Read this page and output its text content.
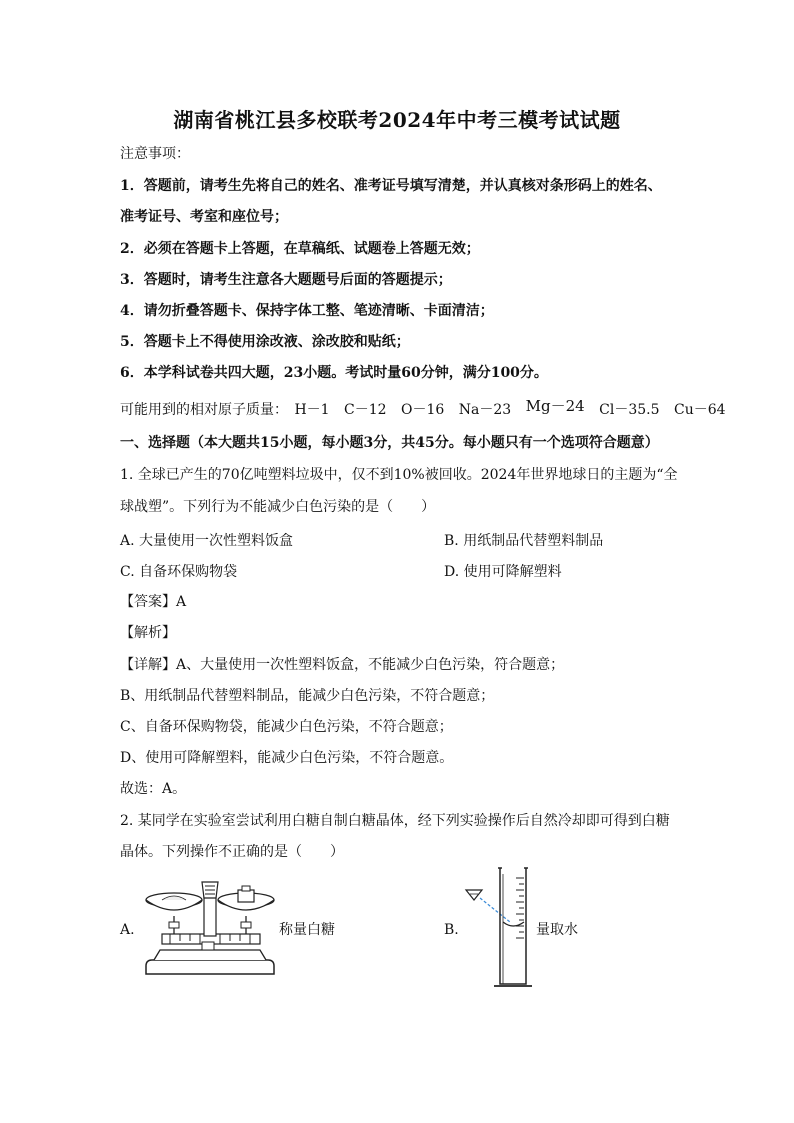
湖南省桃江县多校联考2024年中考三模考试试题
注意事项：
1．答题前，请考生先将自己的姓名、准考证号填写清楚，并认真核对条形码上的姓名、
准考证号、考室和座位号；
2．必须在答题卡上答题，在草稿纸、试题卷上答题无效；
3．答题时，请考生注意各大题题号后面的答题提示；
4．请勿折叠答题卡、保持字体工整、笔迹清晰、卡面清洁；
5．答题卡上不得使用涂改液、涂改胶和贴纸；
6．本学科试卷共四大题，23小题。考试时量60分钟，满分100分。
可能用到的相对原子质量： H－1 C－12 O－16 Na－23 Mg－24 Cl－35.5 Cu－64
一、选择题（本大题共15小题，每小题3分，共45分。每小题只有一个选项符合题意）
1. 全球已产生的70亿吨塑料垃圾中，仅不到10%被回收。2024年世界地球日的主题为“全
球战塑”。下列行为不能减少白色污染的是（　　）
A. 大量使用一次性塑料饭盒	B. 用纸制品代替塑料制品
C. 自备环保购物袋	D. 使用可降解塑料
【答案】A
【解析】
【详解】A、大量使用一次性塑料饭盒，不能减少白色污染，符合题意；
B、用纸制品代替塑料制品，能减少白色污染，不符合题意；
C、自备环保购物袋，能减少白色污染，不符合题意；
D、使用可降解塑料，能减少白色污染，不符合题意。
故选：A。
2. 某同学在实验室尝试利用白糖自制白糖晶体，经下列实验操作后自然冷却即可得到白糖
晶体。下列操作不正确的是（　　）
A.	称量白糖	B.	量取水
